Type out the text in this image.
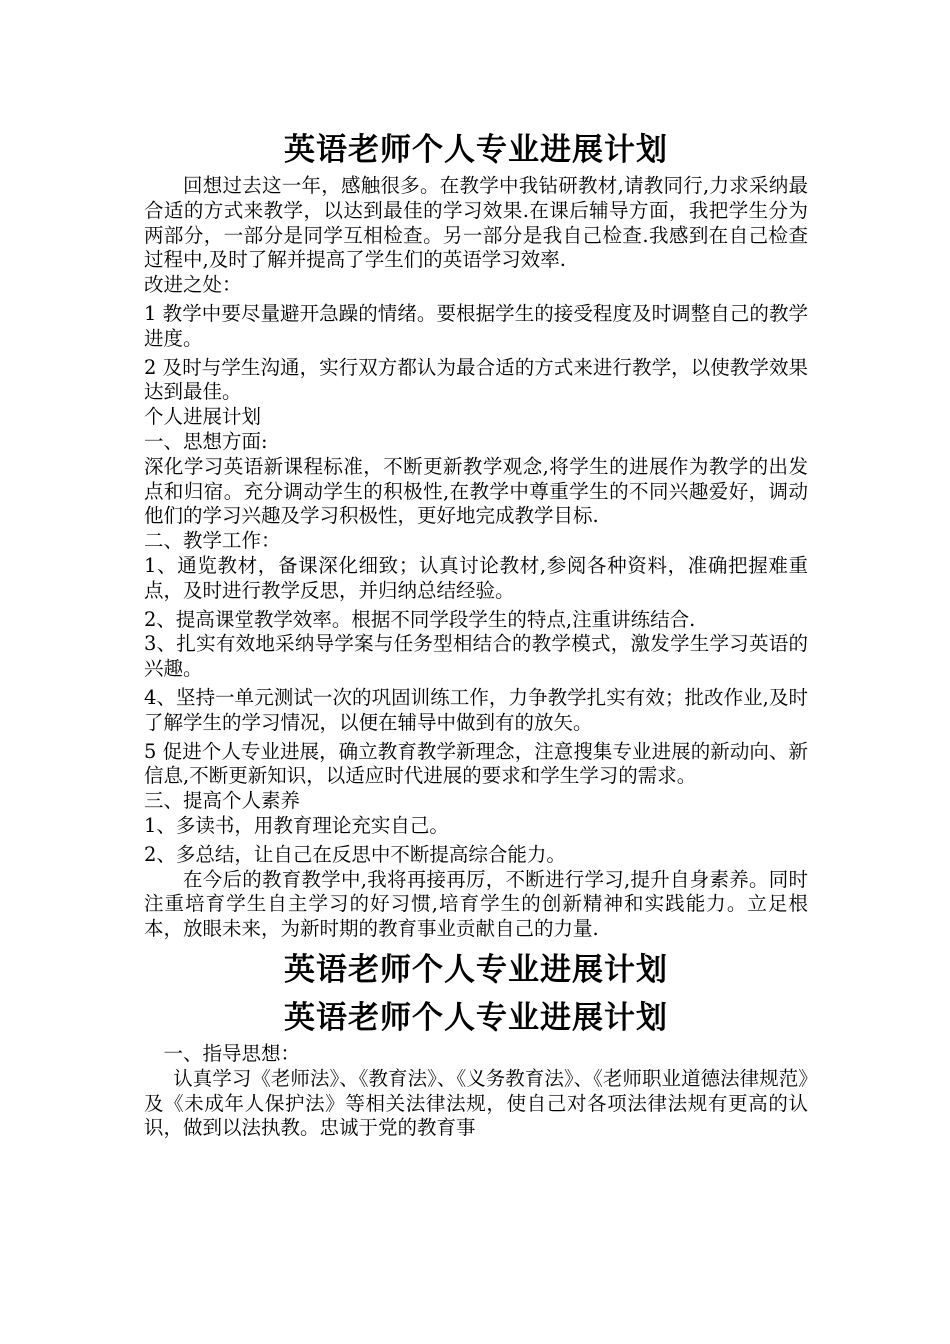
英语老师个人专业进展计划

回想过去这一年，感触很多。在教学中我钻研教材,请教同行,力求采纳最合适的方式来教学，以达到最佳的学习效果.在课后辅导方面，我把学生分为两部分，一部分是同学互相检查。另一部分是我自己检查.我感到在自己检查过程中,及时了解并提高了学生们的英语学习效率.

改进之处：

1 教学中要尽量避开急躁的情绪。要根据学生的接受程度及时调整自己的教学进度。

2 及时与学生沟通，实行双方都认为最合适的方式来进行教学，以使教学效果达到最佳。

个人进展计划

一、思想方面:

深化学习英语新课程标准，不断更新教学观念,将学生的进展作为教学的出发点和归宿。充分调动学生的积极性,在教学中尊重学生的不同兴趣爱好，调动他们的学习兴趣及学习积极性，更好地完成教学目标.

二、教学工作：

1、通览教材，备课深化细致；认真讨论教材,参阅各种资料，准确把握难重点，及时进行教学反思，并归纳总结经验。

2、提高课堂教学效率。根据不同学段学生的特点,注重讲练结合.

3、扎实有效地采纳导学案与任务型相结合的教学模式，激发学生学习英语的兴趣。

4、坚持一单元测试一次的巩固训练工作，力争教学扎实有效；批改作业,及时了解学生的学习情况，以便在辅导中做到有的放矢。

5 促进个人专业进展，确立教育教学新理念，注意搜集专业进展的新动向、新信息,不断更新知识，以适应时代进展的要求和学生学习的需求。

三、提高个人素养

1、多读书，用教育理论充实自己。

2、多总结，让自己在反思中不断提高综合能力。

在今后的教育教学中,我将再接再厉，不断进行学习,提升自身素养。同时注重培育学生自主学习的好习惯,培育学生的创新精神和实践能力。立足根本，放眼未来，为新时期的教育事业贡献自己的力量.

英语老师个人专业进展计划
英语老师个人专业进展计划

一、指导思想：

认真学习《老师法》、《教育法》、《义务教育法》、《老师职业道德法律规范》及《未成年人保护法》等相关法律法规，使自己对各项法律法规有更高的认识，做到以法执教。忠诚于党的教育事
